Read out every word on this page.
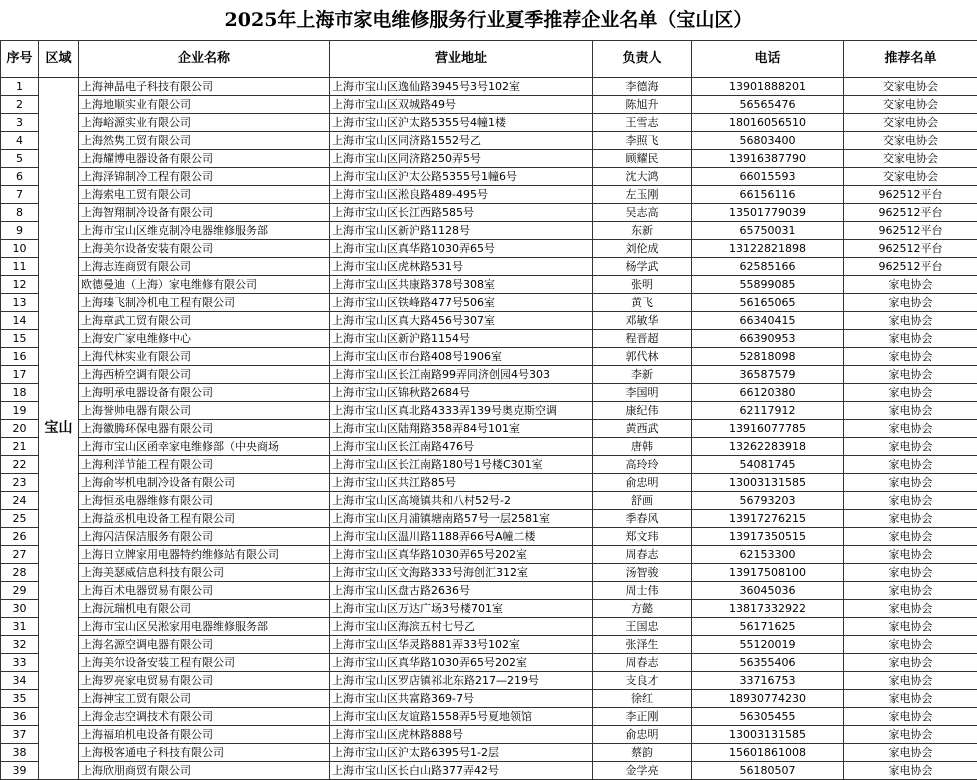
2025年上海市家电维修服务行业夏季推荐企业名单（宝山区）
序号	区域	企业名称	营业地址	负责人	电话	推荐名单
1	宝山	上海神晶电子科技有限公司	上海市宝山区逸仙路3945号3号102室	李德海	13901888201	交家电协会
2		上海地顺实业有限公司	上海市宝山区双城路49号	陈旭升	56565476	交家电协会
3		上海峪源实业有限公司	上海市宝山区沪太路5355号4幢1楼	王雪志	18016056510	交家电协会
4		上海然隽工贸有限公司	上海市宝山区同济路1552号乙	李照飞	56803400	交家电协会
5		上海耀博电器设备有限公司	上海市宝山区同济路250弄5号	顾耀民	13916387790	交家电协会
6		上海泽锦制冷工程有限公司	上海市宝山区沪太公路5355号1幢6号	沈大鸿	66015593	交家电协会
7		上海索电工贸有限公司	上海市宝山区淞良路489-495号	左玉刚	66156116	962512平台
8		上海智翔制冷设备有限公司	上海市宝山区长江西路585号	吴志高	13501779039	962512平台
9		上海市宝山区维克制冷电器维修服务部	上海市宝山区新沪路1128号	东新	65750031	962512平台
10		上海美尔设备安装有限公司	上海市宝山区真华路1030弄65号	刘伦成	13122821898	962512平台
11		上海志连商贸有限公司	上海市宝山区虎林路531号	杨学武	62585166	962512平台
12		欧德曼迪（上海）家电维修有限公司	上海市宝山区共康路378号308室	张明	55899085	家电协会
13		上海瑧飞制冷机电工程有限公司	上海市宝山区铁峰路477号506室	黄飞	56165065	家电协会
14		上海章武工贸有限公司	上海市宝山区真大路456号307室	邓敏华	66340415	家电协会
15		上海安广家电维修中心	上海市宝山区新沪路1154号	程晋超	66390953	家电协会
16		上海代林实业有限公司	上海市宝山区市台路408号1906室	郭代林	52818098	家电协会
17		上海西桥空调有限公司	上海市宝山区长江南路99弄同济创园4号303	李新	36587579	家电协会
18		上海明承电器设备有限公司	上海市宝山区锦秋路2684号	李国明	66120380	家电协会
19		上海誉帅电器有限公司	上海市宝山区真北路4333弄139号奥克斯空调	康纪伟	62117912	家电协会
20		上海徽腾环保电器有限公司	上海市宝山区陆翔路358弄84号101室	黄西武	13916077785	家电协会
21		上海市宝山区函幸家电维修部（中央商场	上海市宝山区长江南路476号	唐韩	13262283918	家电协会
22		上海利洋节能工程有限公司	上海市宝山区长江南路180号1号楼C301室	高玲玲	54081745	家电协会
23		上海俞岑机电制冷设备有限公司	上海市宝山区共江路85号	俞忠明	13003131585	家电协会
24		上海恒丞电器维修有限公司	上海市宝山区高境镇共和八村52号-2	舒画	56793203	家电协会
25		上海益丞机电设备工程有限公司	上海市宝山区月浦镇塘南路57号一层2581室	季春风	13917276215	家电协会
26		上海闪洁保洁服务有限公司	上海市宝山区温川路1188弄66号A幢二楼	郑文玮	13917350515	家电协会
27		上海日立牌家用电器特约维修站有限公司	上海市宝山区真华路1030弄65号202室	周春志	62153300	家电协会
28		上海美瑟威信息科技有限公司	上海市宝山区文海路333号海创汇312室	汤智骏	13917508100	家电协会
29		上海百术电器贸易有限公司	上海市宝山区盘古路2636号	周士伟	36045036	家电协会
30		上海沅瑞机电有限公司	上海市宝山区万达广场3号楼701室	方懿	13817332922	家电协会
31		上海市宝山区吴淞家用电器维修服务部	上海市宝山区海滨五村七号乙	王国忠	56171625	家电协会
32		上海名源空调电器有限公司	上海市宝山区华灵路881弄33号102室	张泽生	55120019	家电协会
33		上海美尔设备安装工程有限公司	上海市宝山区真华路1030弄65号202室	周春志	56355406	家电协会
34		上海罗亮家电贸易有限公司	上海市宝山区罗店镇祁北东路217—219号	支良才	33716753	家电协会
35		上海神宝工贸有限公司	上海市宝山区共富路369-7号	徐红	18930774230	家电协会
36		上海金志空调技术有限公司	上海市宝山区友谊路1558弄5号夏地领馆	李正刚	56305455	家电协会
37		上海福珀机电设备有限公司	上海市宝山区虎林路888号	俞忠明	13003131585	家电协会
38		上海极客通电子科技有限公司	上海市宝山区沪太路6395号1-2层	蔡韵	15601861008	家电协会
39		上海欣朋商贸有限公司	上海市宝山区长白山路377弄42号	金学亮	56180507	家电协会
